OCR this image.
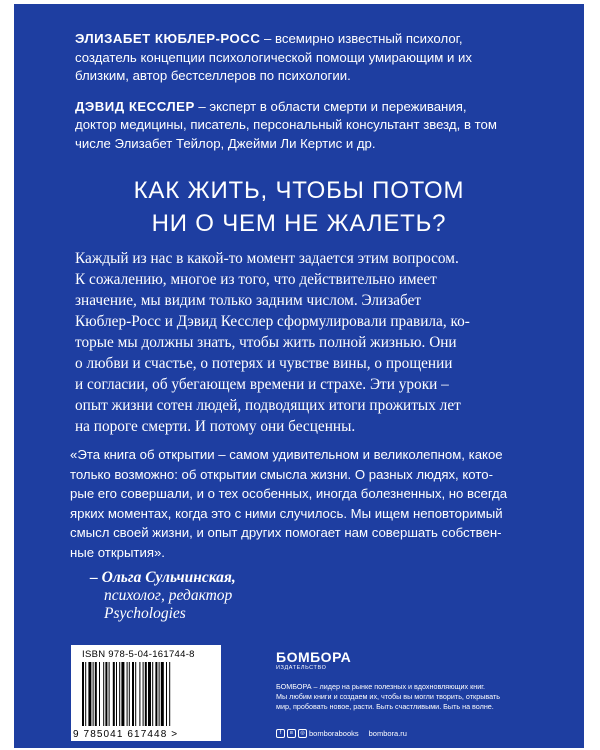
ЭЛИЗАБЕТ КЮБЛЕР-РОСС – всемирно известный психолог,
создатель концепции психологической помощи умирающим и их
близким, автор бестселлеров по психологии.

ДЭВИД КЕССЛЕР – эксперт в области смерти и переживания,
доктор медицины, писатель, персональный консультант звезд, в том
числе Элизабет Тейлор, Джейми Ли Кертис и др.

КАК ЖИТЬ, ЧТОБЫ ПОТОМ
НИ О ЧЕМ НЕ ЖАЛЕТЬ?
Каждый из нас в какой-то момент задается этим вопросом.
К сожалению, многое из того, что действительно имеет
значение, мы видим только задним числом. Элизабет
Кюблер-Росс и Дэвид Кесслер сформулировали правила, ко-
торые мы должны знать, чтобы жить полной жизнью. Они
о любви и счастье, о потерях и чувстве вины, о прощении
и согласии, об убегающем времени и страхе. Эти уроки –
опыт жизни сотен людей, подводящих итоги прожитых лет
на пороге смерти. И потому они бесценны.
«Эта книга об открытии – самом удивительном и великолепном, какое
только возможно: об открытии смысла жизни. О разных людях, кото-
рые его совершали, и о тех особенных, иногда болезненных, но всегда
ярких моментах, когда это с ними случилось. Мы ищем неповторимый
смысл своей жизни, и опыт других помогает нам совершать собствен-
ные открытия».
– Ольга Сульчинская,
психолог, редактор
Psychologies
ISBN 978-5-04-161744-8
9 785041 617448 >
БОМБОРА
ИЗДАТЕЛЬСТВО
БОМБОРА – лидер на рынке полезных и вдохновляющих книг.
Мы любим книги и создаем их, чтобы вы могли творить, открывать
мир, пробовать новое, расти. Быть счастливыми. Быть на волне.
f	в	◎ bomborabooks bombora.ru
